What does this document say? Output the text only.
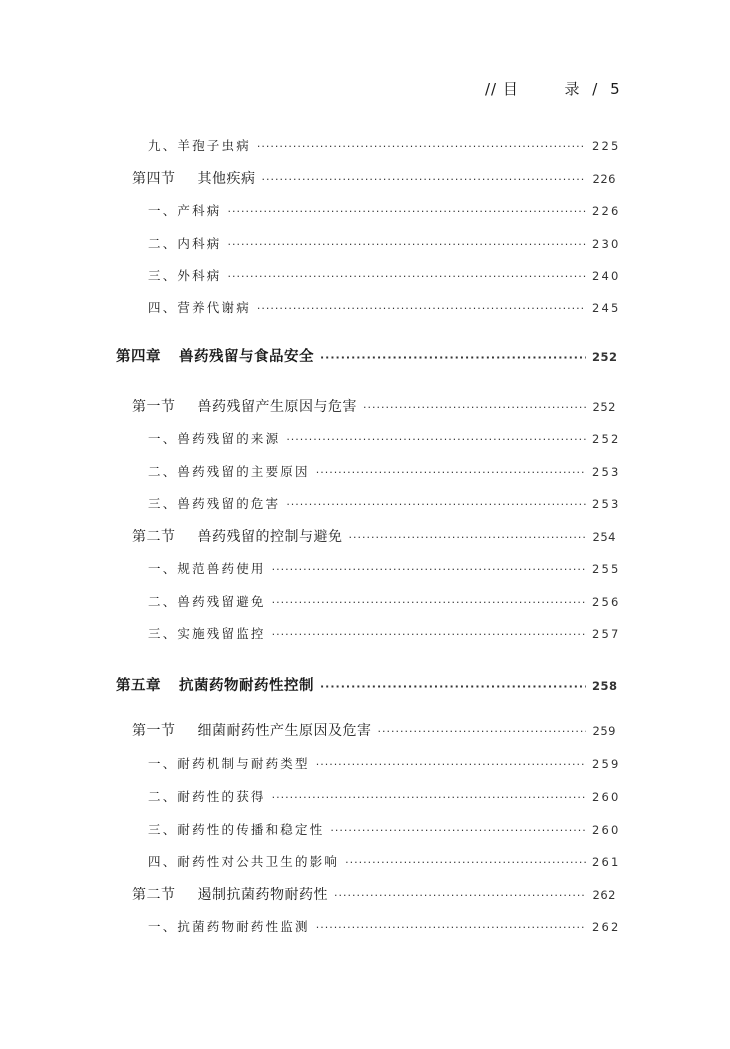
// 目	录 / 5
九、羊孢子虫病 ·····	225
第四节 其他疾病 ·····	226
一、产科病 ·····	226
二、内科病 ·····	230
三、外科病 ·····	240
四、营养代谢病 ·····	245
第四章 兽药残留与食品安全 ·····	252
第一节 兽药残留产生原因与危害 ·····	252
一、兽药残留的来源 ·····	252
二、兽药残留的主要原因 ·····	253
三、兽药残留的危害 ·····	253
第二节 兽药残留的控制与避免 ·····	254
一、规范兽药使用 ·····	255
二、兽药残留避免 ·····	256
三、实施残留监控 ·····	257
第五章 抗菌药物耐药性控制 ·····	258
第一节 细菌耐药性产生原因及危害 ·····	259
一、耐药机制与耐药类型 ·····	259
二、耐药性的获得 ·····	260
三、耐药性的传播和稳定性 ·····	260
四、耐药性对公共卫生的影响 ·····	261
第二节 遏制抗菌药物耐药性 ·····	262
一、抗菌药物耐药性监测 ·····	262
